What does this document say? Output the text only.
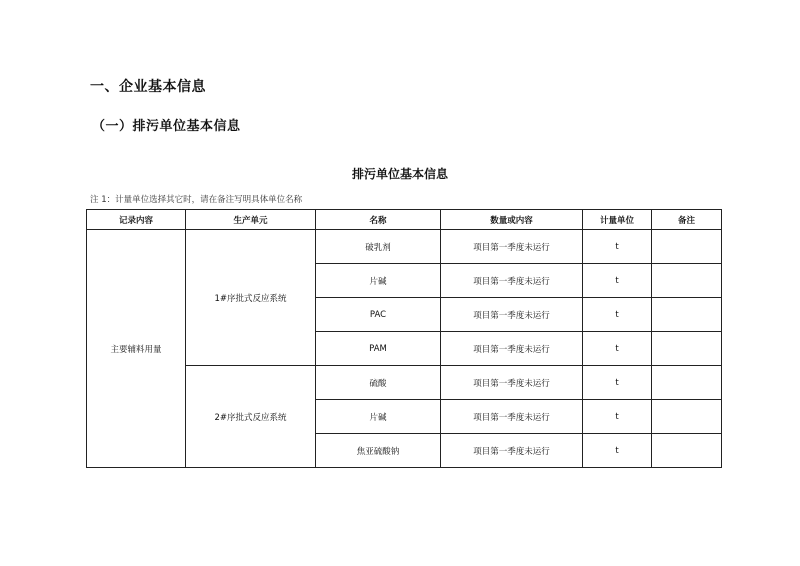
一、企业基本信息
（一）排污单位基本信息
排污单位基本信息
注 1：计量单位选择其它时，请在备注写明具体单位名称
记录内容	生产单元	名称	数量或内容	计量单位	备注
主要辅料用量	1#序批式反应系统	破乳剂	项目第一季度未运行	t	
		片碱	项目第一季度未运行	t	
		PAC	项目第一季度未运行	t	
		PAM	项目第一季度未运行	t	
	2#序批式反应系统	硫酸	项目第一季度未运行	t	
		片碱	项目第一季度未运行	t	
		焦亚硫酸钠	项目第一季度未运行	t	
